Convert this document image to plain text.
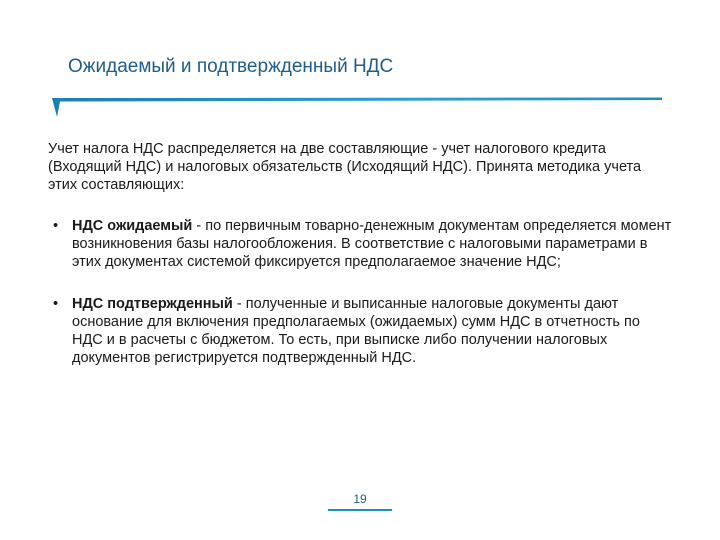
Ожидаемый и подтвержденный НДС

Учет налога НДС распределяется на две составляющие - учет налогового кредита (Входящий НДС) и налоговых обязательств (Исходящий НДС). Принята методика учета этих составляющих:

• НДС ожидаемый - по первичным товарно-денежным документам определяется момент возникновения базы налогообложения. В соответствие с налоговыми параметрами в этих документах системой фиксируется предполагаемое значение НДС;
• НДС подтвержденный - полученные и выписанные налоговые документы дают основание для включения предполагаемых (ожидаемых) сумм НДС в отчетность по НДС и в расчеты с бюджетом. То есть, при выписке либо получении налоговых документов регистрируется подтвержденный НДС.
19
